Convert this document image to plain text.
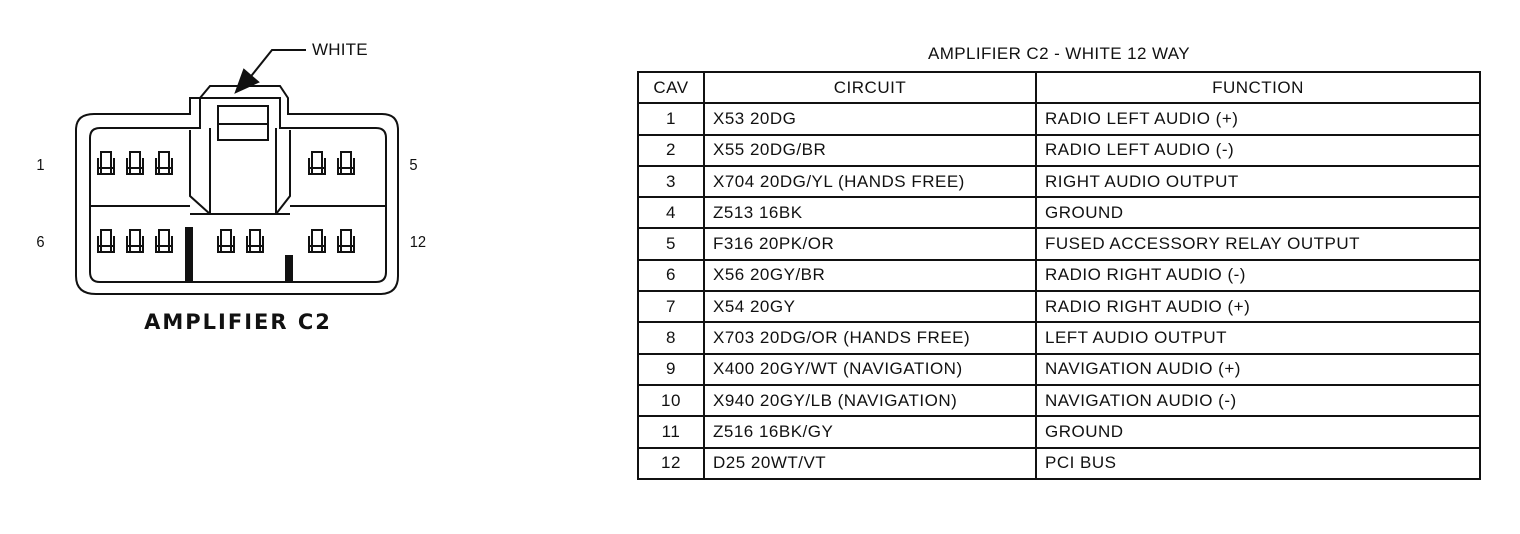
WHITE
1	5
6	12
AMPLIFIER C2
AMPLIFIER C2 - WHITE 12 WAY
CAV	CIRCUIT	FUNCTION
1	X53 20DG	RADIO LEFT AUDIO (+)
2	X55 20DG/BR	RADIO LEFT AUDIO (-)
3	X704 20DG/YL (HANDS FREE)	RIGHT AUDIO OUTPUT
4	Z513 16BK	GROUND
5	F316 20PK/OR	FUSED ACCESSORY RELAY OUTPUT
6	X56 20GY/BR	RADIO RIGHT AUDIO (-)
7	X54 20GY	RADIO RIGHT AUDIO (+)
8	X703 20DG/OR (HANDS FREE)	LEFT AUDIO OUTPUT
9	X400 20GY/WT (NAVIGATION)	NAVIGATION AUDIO (+)
10	X940 20GY/LB (NAVIGATION)	NAVIGATION AUDIO (-)
11	Z516 16BK/GY	GROUND
12	D25 20WT/VT	PCI BUS
